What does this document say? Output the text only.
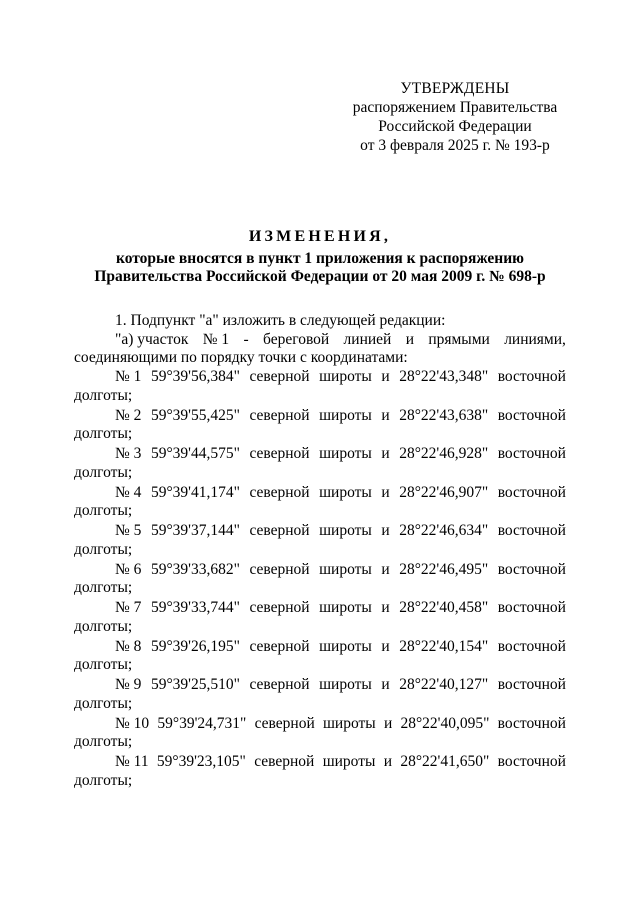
УТВЕРЖДЕНЫ
распоряжением Правительства
Российской Федерации
от 3 февраля 2025 г. № 193-р
ИЗМЕНЕНИЯ,
которые вносятся в пункт 1 приложения к распоряжению
Правительства Российской Федерации от 20 мая 2009 г. № 698-р
1. Подпункт "а" изложить в следующей редакции:
"а) участок № 1 - береговой линией и прямыми линиями,
соединяющими по порядку точки с координатами:
№ 1 59°39'56,384" северной широты и 28°22'43,348" восточной
долготы;
№ 2 59°39'55,425" северной широты и 28°22'43,638" восточной
долготы;
№ 3 59°39'44,575" северной широты и 28°22'46,928" восточной
долготы;
№ 4 59°39'41,174" северной широты и 28°22'46,907" восточной
долготы;
№ 5 59°39'37,144" северной широты и 28°22'46,634" восточной
долготы;
№ 6 59°39'33,682" северной широты и 28°22'46,495" восточной
долготы;
№ 7 59°39'33,744" северной широты и 28°22'40,458" восточной
долготы;
№ 8 59°39'26,195" северной широты и 28°22'40,154" восточной
долготы;
№ 9 59°39'25,510" северной широты и 28°22'40,127" восточной
долготы;
№ 10 59°39'24,731" северной широты и 28°22'40,095" восточной
долготы;
№ 11 59°39'23,105" северной широты и 28°22'41,650" восточной
долготы;
